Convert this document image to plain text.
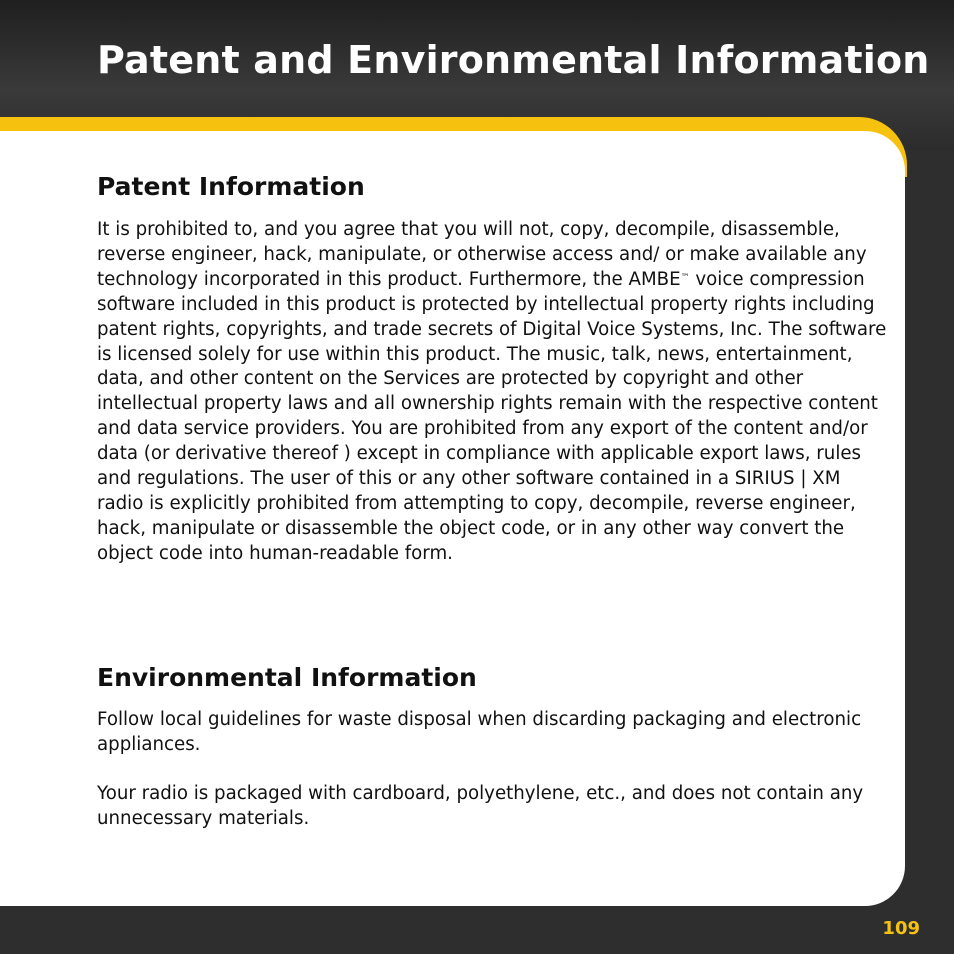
Patent and Environmental Information
Patent Information

It is prohibited to, and you agree that you will not, copy, decompile, disassemble, reverse engineer, hack, manipulate, or otherwise access and/ or make available any technology incorporated in this product. Furthermore, the AMBE™ voice compression software included in this product is protected by intellectual property rights including patent rights, copyrights, and trade secrets of Digital Voice Systems, Inc. The software is licensed solely for use within this product. The music, talk, news, entertainment, data, and other content on the Services are protected by copyright and other intellectual property laws and all ownership rights remain with the respective content and data service providers. You are prohibited from any export of the content and/or data (or derivative thereof ) except in compliance with applicable export laws, rules and regulations. The user of this or any other software contained in a SIRIUS | XM radio is explicitly prohibited from attempting to copy, decompile, reverse engineer, hack, manipulate or disassemble the object code, or in any other way convert the object code into human-readable form.

Environmental Information

Follow local guidelines for waste disposal when discarding packaging and electronic appliances.

Your radio is packaged with cardboard, polyethylene, etc., and does not contain any unnecessary materials.

109
